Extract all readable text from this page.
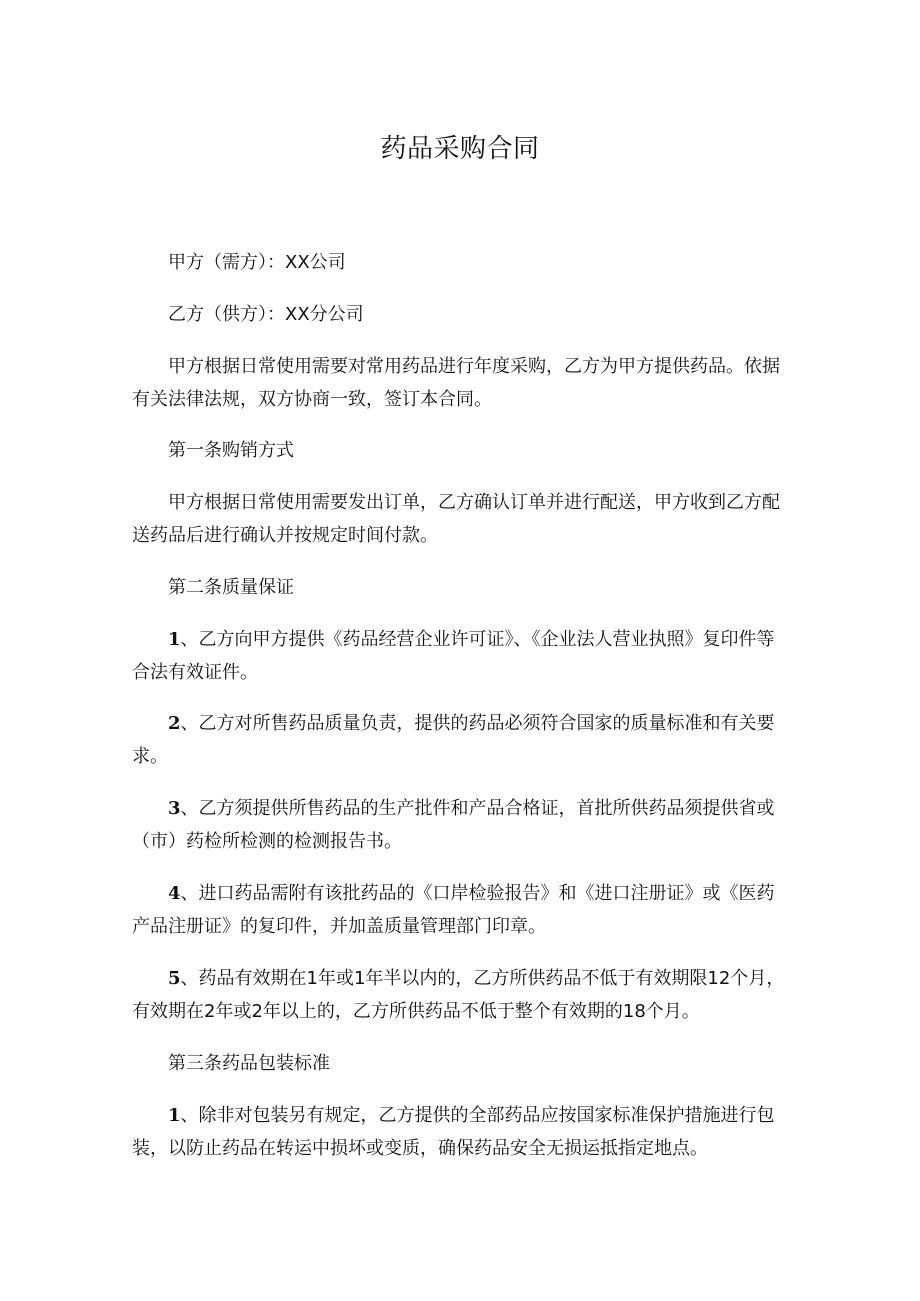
药品采购合同

甲方（需方）：XX公司

乙方（供方）：XX分公司

甲方根据日常使用需要对常用药品进行年度采购，乙方为甲方提供药品。依据有关法律法规，双方协商一致，签订本合同。

第一条购销方式

甲方根据日常使用需要发出订单，乙方确认订单并进行配送，甲方收到乙方配送药品后进行确认并按规定时间付款。

第二条质量保证

1、乙方向甲方提供《药品经营企业许可证》、《企业法人营业执照》复印件等合法有效证件。

2、乙方对所售药品质量负责，提供的药品必须符合国家的质量标准和有关要求。

3、乙方须提供所售药品的生产批件和产品合格证，首批所供药品须提供省或（市）药检所检测的检测报告书。

4、进口药品需附有该批药品的《口岸检验报告》和《进口注册证》或《医药产品注册证》的复印件，并加盖质量管理部门印章。

5、药品有效期在1年或1年半以内的，乙方所供药品不低于有效期限12个月，有效期在2年或2年以上的，乙方所供药品不低于整个有效期的18个月。

第三条药品包装标准

1、除非对包装另有规定，乙方提供的全部药品应按国家标准保护措施进行包装，以防止药品在转运中损坏或变质，确保药品安全无损运抵指定地点。
